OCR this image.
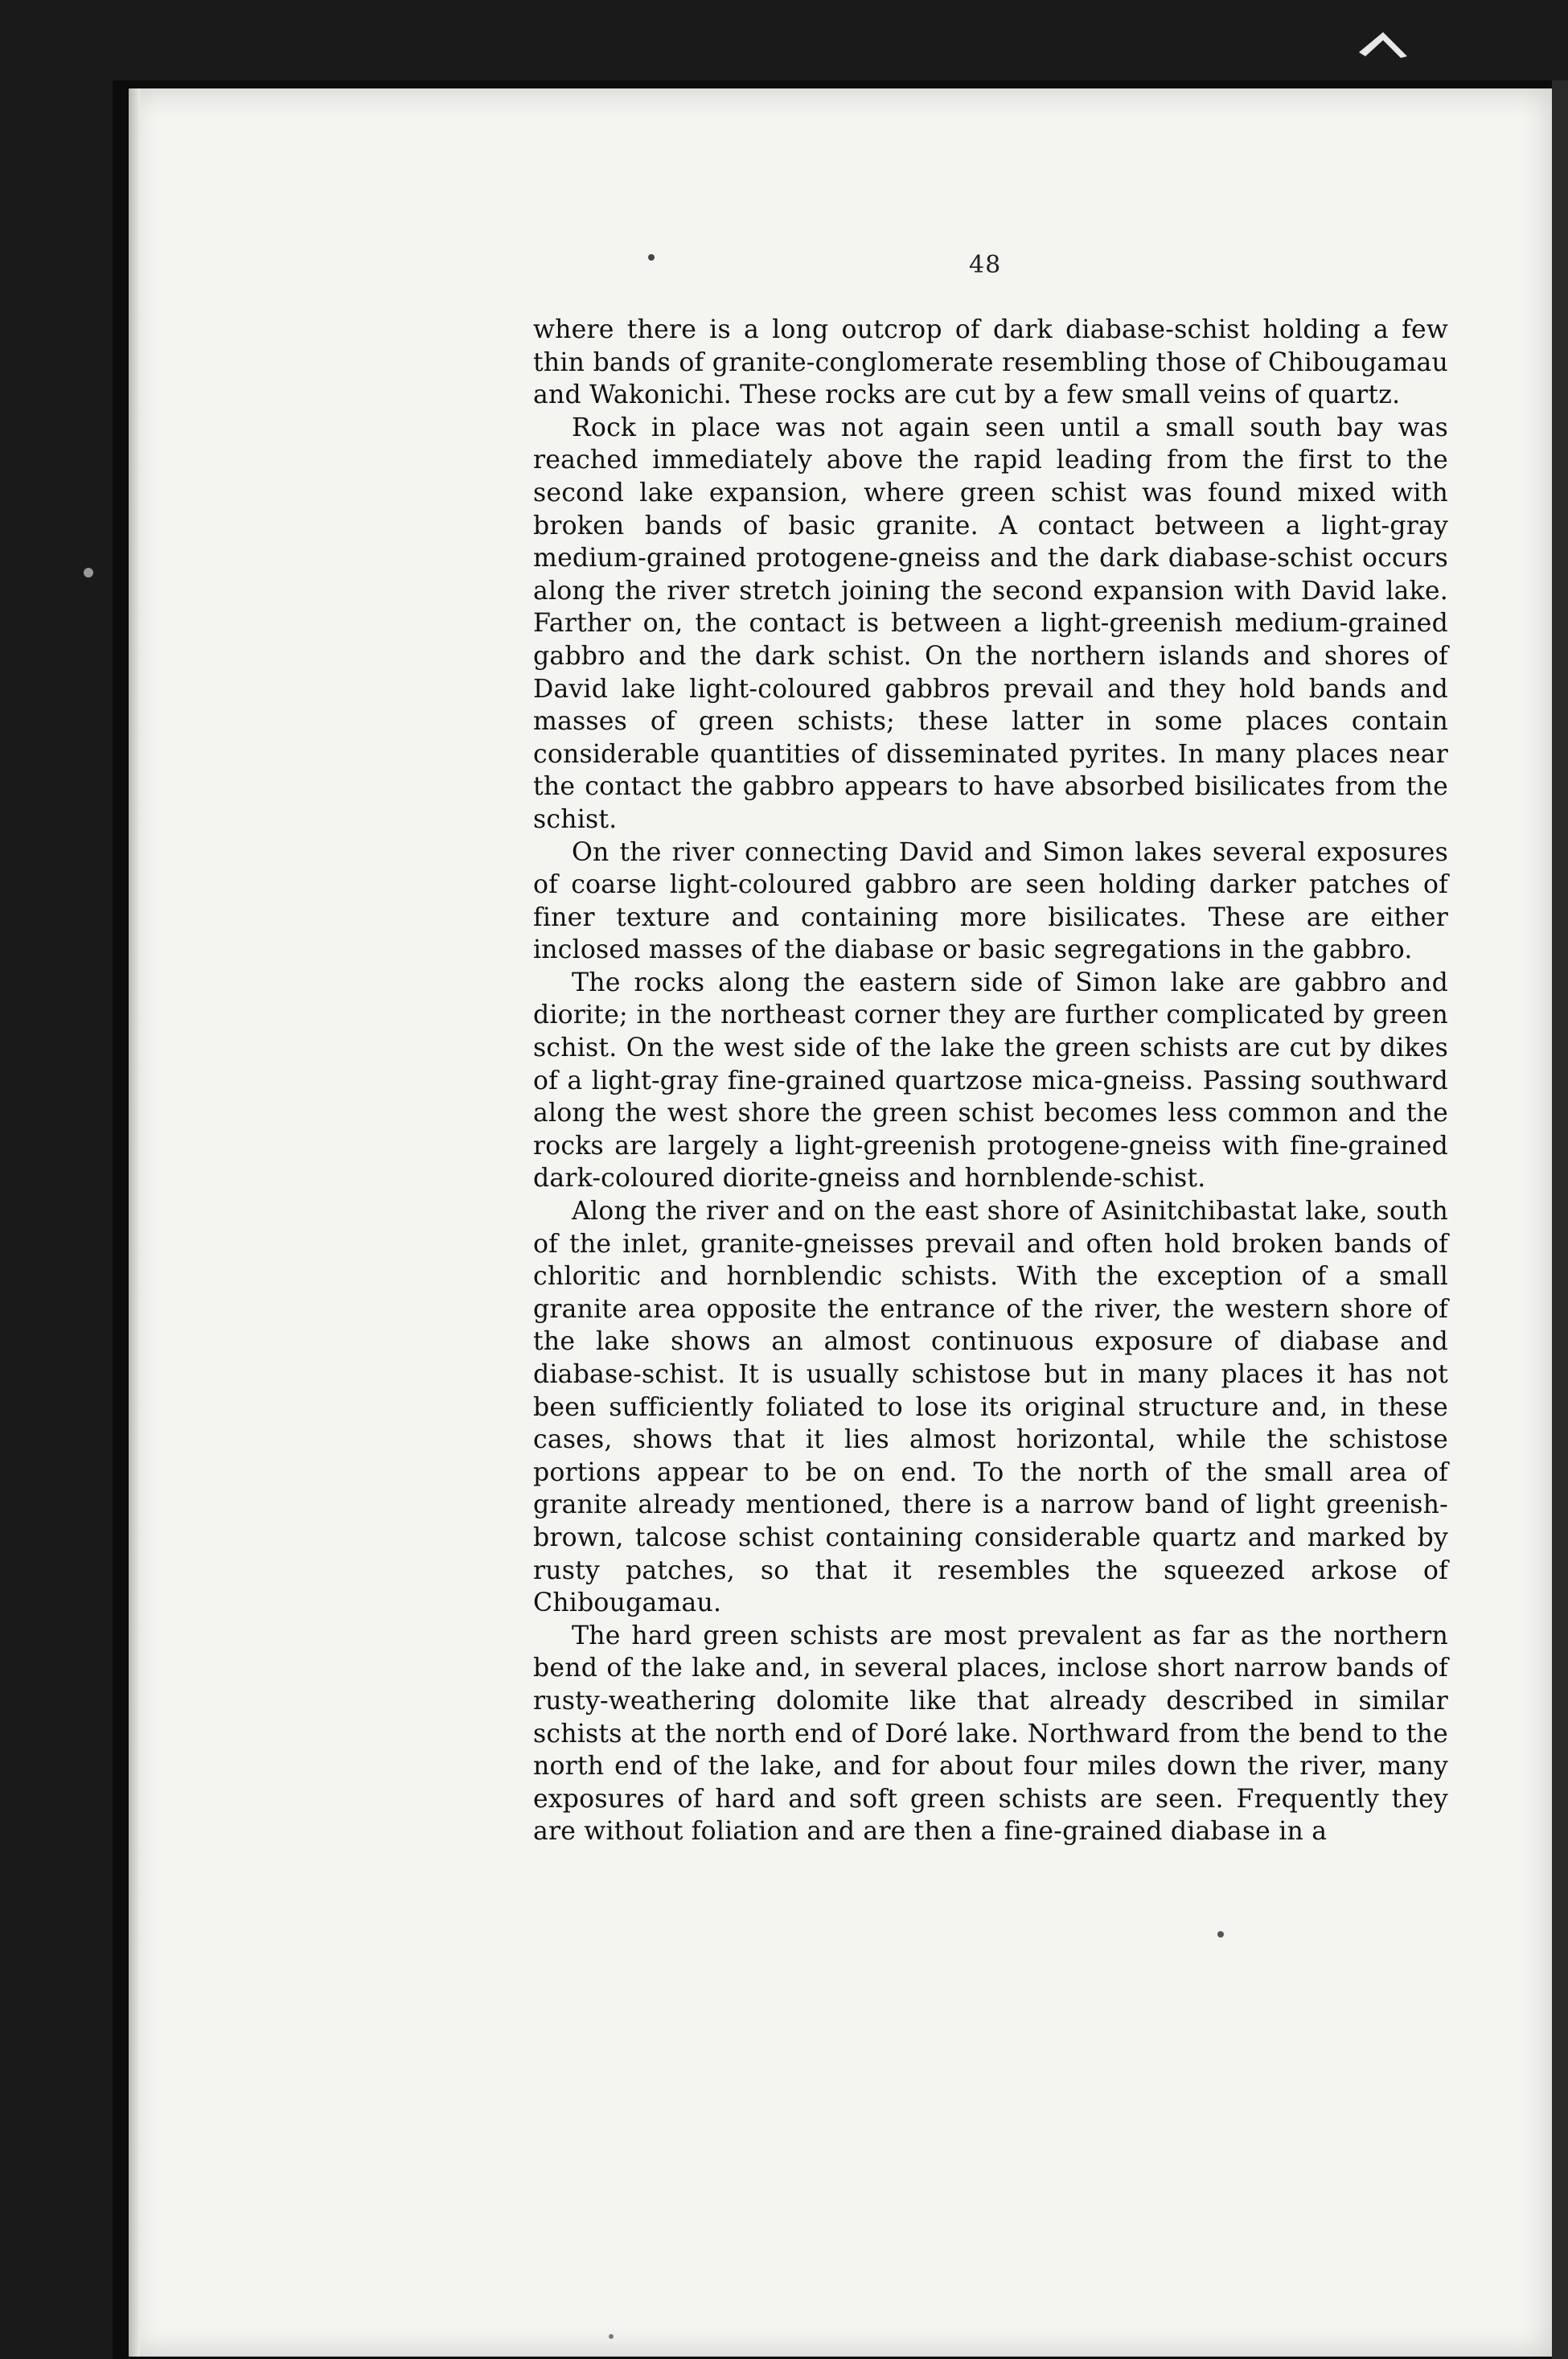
48

where there is a long outcrop of dark diabase-schist holding a few thin bands of granite-conglomerate resembling those of Chibougamau and Wakonichi. These rocks are cut by a few small veins of quartz.

Rock in place was not again seen until a small south bay was reached immediately above the rapid leading from the first to the second lake expansion, where green schist was found mixed with broken bands of basic granite. A contact between a light-gray medium-grained protogene-gneiss and the dark diabase-schist occurs along the river stretch joining the second expansion with David lake. Farther on, the contact is between a light-greenish medium-grained gabbro and the dark schist. On the northern islands and shores of David lake light-coloured gabbros prevail and they hold bands and masses of green schists; these latter in some places contain considerable quantities of disseminated pyrites. In many places near the contact the gabbro appears to have absorbed bisilicates from the schist.

On the river connecting David and Simon lakes several exposures of coarse light-coloured gabbro are seen holding darker patches of finer texture and containing more bisilicates. These are either inclosed masses of the diabase or basic segregations in the gabbro.

The rocks along the eastern side of Simon lake are gabbro and diorite; in the northeast corner they are further complicated by green schist. On the west side of the lake the green schists are cut by dikes of a light-gray fine-grained quartzose mica-gneiss. Passing southward along the west shore the green schist becomes less common and the rocks are largely a light-greenish protogene-gneiss with fine-grained dark-coloured diorite-gneiss and hornblende-schist.

Along the river and on the east shore of Asinitchibastat lake, south of the inlet, granite-gneisses prevail and often hold broken bands of chloritic and hornblendic schists. With the exception of a small granite area opposite the entrance of the river, the western shore of the lake shows an almost continuous exposure of diabase and diabase-schist. It is usually schistose but in many places it has not been sufficiently foliated to lose its original structure and, in these cases, shows that it lies almost horizontal, while the schistose portions appear to be on end. To the north of the small area of granite already mentioned, there is a narrow band of light greenish-brown, talcose schist containing considerable quartz and marked by rusty patches, so that it resembles the squeezed arkose of Chibougamau.

The hard green schists are most prevalent as far as the northern bend of the lake and, in several places, inclose short narrow bands of rusty-weathering dolomite like that already described in similar schists at the north end of Doré lake. Northward from the bend to the north end of the lake, and for about four miles down the river, many exposures of hard and soft green schists are seen. Frequently they are without foliation and are then a fine-grained diabase in a
